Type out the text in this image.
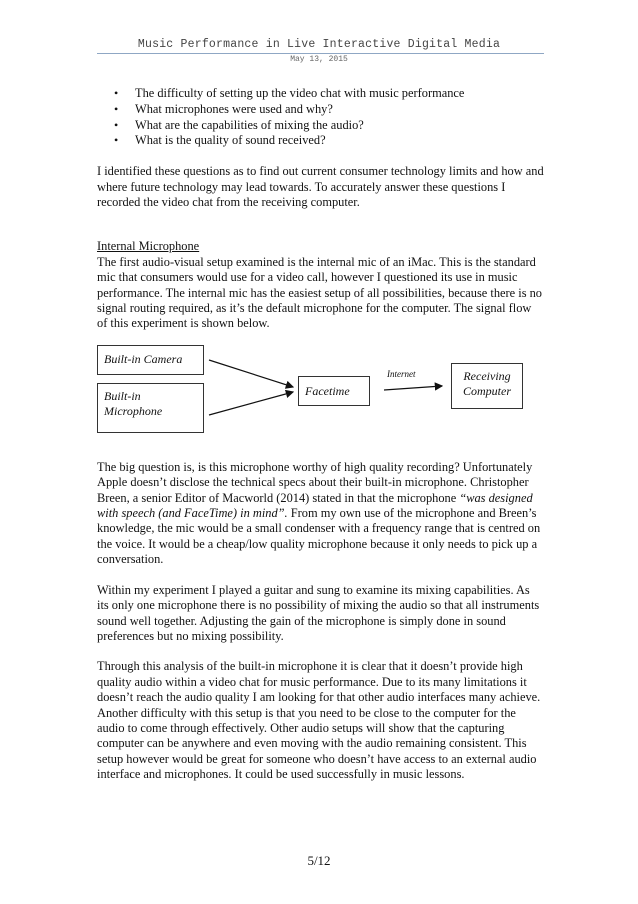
Music Performance in Live Interactive Digital Media
May 13, 2015
• The difficulty of setting up the video chat with music performance
• What microphones were used and why?
• What are the capabilities of mixing the audio?
• What is the quality of sound received?

I identified these questions as to find out current consumer technology limits and how and where future technology may lead towards. To accurately answer these questions I recorded the video chat from the receiving computer.

Internal Microphone

The first audio-visual setup examined is the internal mic of an iMac. This is the standard mic that consumers would use for a video call, however I questioned its use in music performance. The internal mic has the easiest setup of all possibilities, because there is no signal routing required, as it’s the default microphone for the computer. The signal flow of this experiment is shown below.

Built-in Camera
Built-in Microphone
Facetime
Internet	Receiving Computer

The big question is, is this microphone worthy of high quality recording? Unfortunately Apple doesn’t disclose the technical specs about their built-in microphone. Christopher Breen, a senior Editor of Macworld (2014) stated in that the microphone “was designed with speech (and FaceTime) in mind”. From my own use of the microphone and Breen’s knowledge, the mic would be a small condenser with a frequency range that is centred on the voice. It would be a cheap/low quality microphone because it only needs to pick up a conversation.

Within my experiment I played a guitar and sung to examine its mixing capabilities. As its only one microphone there is no possibility of mixing the audio so that all instruments sound well together. Adjusting the gain of the microphone is simply done in sound preferences but no mixing possibility.

Through this analysis of the built-in microphone it is clear that it doesn’t provide high quality audio within a video chat for music performance. Due to its many limitations it doesn’t reach the audio quality I am looking for that other audio interfaces many achieve. Another difficulty with this setup is that you need to be close to the computer for the audio to come through effectively. Other audio setups will show that the capturing computer can be anywhere and even moving with the audio remaining consistent. This setup however would be great for someone who doesn’t have access to an external audio interface and microphones. It could be used successfully in music lessons.

5/12
